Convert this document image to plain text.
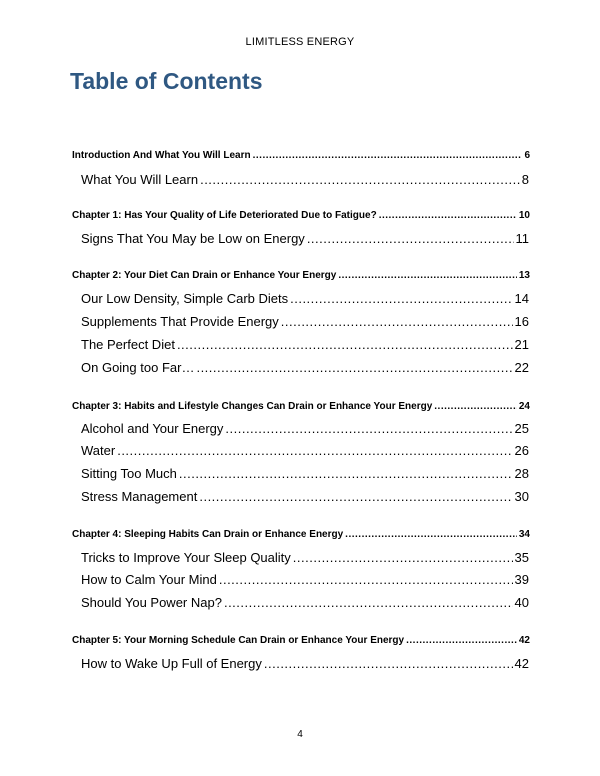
LIMITLESS ENERGY
Table of Contents
Introduction And What You Will Learn .....	6
What You Will Learn .....	8
Chapter 1: Has Your Quality of Life Deteriorated Due to Fatigue? .....	10
Signs That You May be Low on Energy .....	11
Chapter 2: Your Diet Can Drain or Enhance Your Energy .....	13
Our Low Density, Simple Carb Diets .....	14
Supplements That Provide Energy .....	16
The Perfect Diet .....	21
On Going too Far… .....	22
Chapter 3: Habits and Lifestyle Changes Can Drain or Enhance Your Energy .....	24
Alcohol and Your Energy .....	25
Water .....	26
Sitting Too Much .....	28
Stress Management .....	30
Chapter 4: Sleeping Habits Can Drain or Enhance Energy .....	34
Tricks to Improve Your Sleep Quality .....	35
How to Calm Your Mind .....	39
Should You Power Nap? .....	40
Chapter 5: Your Morning Schedule Can Drain or Enhance Your Energy .....	42
How to Wake Up Full of Energy .....	42
4
